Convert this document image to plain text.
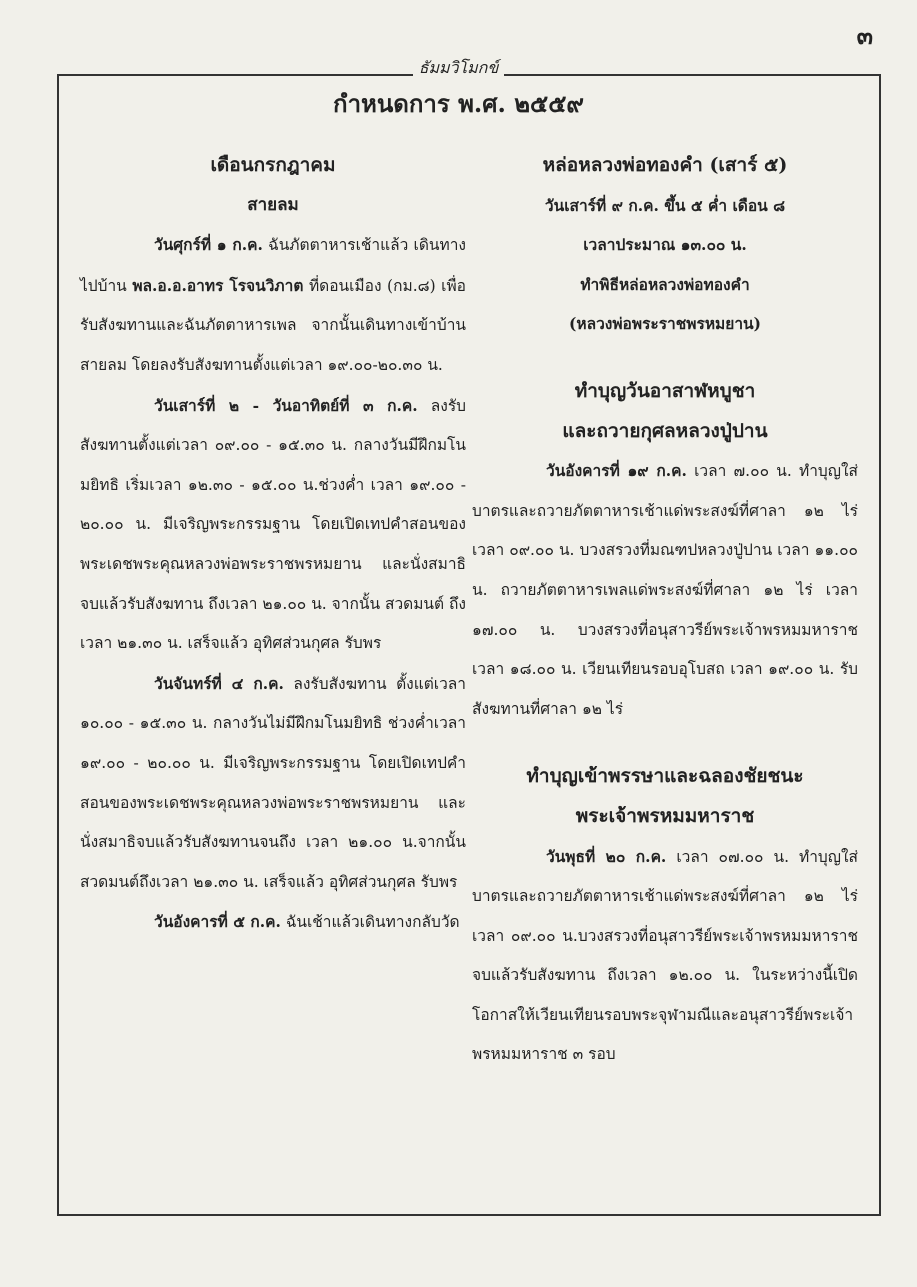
๓
ธัมมวิโมกข์
กำหนดการ พ.ศ. ๒๕๕๙

เดือนกรกฎาคม

สายลม

วันศุกร์ที่ ๑ ก.ค. ฉันภัตตาหารเช้าแล้ว เดินทางไปบ้าน พล.อ.อ.อาทร โรจนวิภาต ที่ดอนเมือง (กม.๘) เพื่อรับสังฆทานและฉันภัตตาหารเพล จากนั้นเดินทางเข้าบ้านสายลม โดยลงรับสังฆทานตั้งแต่เวลา ๑๙.๐๐-๒๐.๓๐ น.

วันเสาร์ที่ ๒ - วันอาทิตย์ที่ ๓ ก.ค. ลงรับสังฆทานตั้งแต่เวลา ๐๙.๐๐ - ๑๕.๓๐ น. กลางวันมีฝึกมโนมยิทธิ เริ่มเวลา ๑๒.๓๐ - ๑๕.๐๐ น.ช่วงค่ำ เวลา ๑๙.๐๐ - ๒๐.๐๐ น. มีเจริญพระกรรมฐาน โดยเปิดเทปคำสอนของพระเดชพระคุณหลวงพ่อพระราชพรหมยาน และนั่งสมาธิจบแล้วรับสังฆทาน ถึงเวลา ๒๑.๐๐ น. จากนั้น สวดมนต์ ถึงเวลา ๒๑.๓๐ น. เสร็จแล้ว อุทิศส่วนกุศล รับพร

วันจันทร์ที่ ๔ ก.ค. ลงรับสังฆทาน ตั้งแต่เวลา ๑๐.๐๐ - ๑๕.๓๐ น. กลางวันไม่มีฝึกมโนมยิทธิ ช่วงค่ำเวลา ๑๙.๐๐ - ๒๐.๐๐ น. มีเจริญพระกรรมฐาน โดยเปิดเทปคำสอนของพระเดชพระคุณหลวงพ่อพระราชพรหมยาน และนั่งสมาธิจบแล้วรับสังฆทานจนถึง เวลา ๒๑.๐๐ น.จากนั้นสวดมนต์ถึงเวลา ๒๑.๓๐ น. เสร็จแล้ว อุทิศส่วนกุศล รับพร

วันอังคารที่ ๕ ก.ค. ฉันเช้าแล้วเดินทางกลับวัด

หล่อหลวงพ่อทองคำ (เสาร์ ๕)

วันเสาร์ที่ ๙ ก.ค. ขึ้น ๕ ค่ำ เดือน ๘

เวลาประมาณ ๑๓.๐๐ น.

ทำพิธีหล่อหลวงพ่อทองคำ

(หลวงพ่อพระราชพรหมยาน)

ทำบุญวันอาสาฬหบูชา

และถวายกุศลหลวงปู่ปาน

วันอังคารที่ ๑๙ ก.ค. เวลา ๗.๐๐ น. ทำบุญใส่บาตรและถวายภัตตาหารเช้าแด่พระสงฆ์ที่ศาลา ๑๒ ไร่ เวลา ๐๙.๐๐ น. บวงสรวงที่มณฑปหลวงปู่ปาน เวลา ๑๑.๐๐ น. ถวายภัตตาหารเพลแด่พระสงฆ์ที่ศาลา ๑๒ ไร่ เวลา ๑๗.๐๐ น. บวงสรวงที่อนุสาวรีย์พระเจ้าพรหมมหาราช เวลา ๑๘.๐๐ น. เวียนเทียนรอบอุโบสถ เวลา ๑๙.๐๐ น. รับสังฆทานที่ศาลา ๑๒ ไร่

ทำบุญเข้าพรรษาและฉลองชัยชนะ

พระเจ้าพรหมมหาราช

วันพุธที่ ๒๐ ก.ค. เวลา ๐๗.๐๐ น. ทำบุญใส่บาตรและถวายภัตตาหารเช้าแด่พระสงฆ์ที่ศาลา ๑๒ ไร่ เวลา ๐๙.๐๐ น.บวงสรวงที่อนุสาวรีย์พระเจ้าพรหมมหาราช จบแล้วรับสังฆทาน ถึงเวลา ๑๒.๐๐ น. ในระหว่างนี้เปิดโอกาสให้เวียนเทียนรอบพระจุฬามณีและอนุสาวรีย์พระเจ้าพรหมมหาราช ๓ รอบ
